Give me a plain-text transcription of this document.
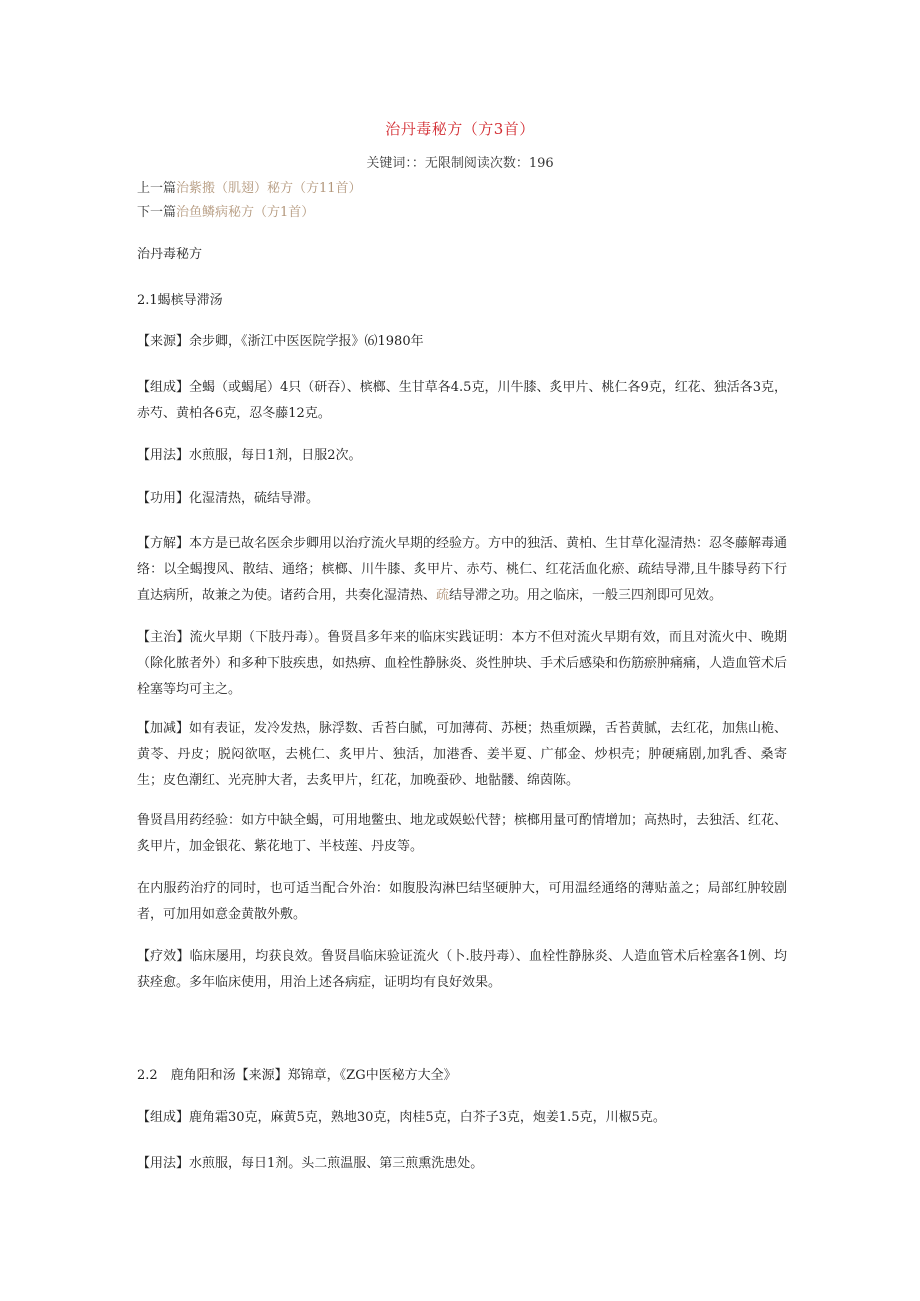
治丹毒秘方（方3首）
关键词：：无限制阅读次数：196
上一篇治紫搬（肌翅）秘方（方11首）
下一篇治鱼鳞病秘方（方1首）

治丹毒秘方

2.1蝎槟导滞汤

【来源】余步卿，《浙江中医医院学报》⑹1980年

【组成】全蝎（或蝎尾）4只（研吞）、槟榔、生甘草各4.5克，川牛膝、炙甲片、桃仁各9克，红花、独活各3克，赤芍、黄柏各6克，忍冬藤12克。

【用法】水煎服，每日1剂，日服2次。

【功用】化湿清热，硫结导滞。

【方解】本方是已故名医余步卿用以治疗流火早期的经验方。方中的独活、黄柏、生甘草化湿清热：忍冬藤解毒通络：以全蝎搜风、散结、通络；槟榔、川牛膝、炙甲片、赤芍、桃仁、红花活血化瘀、疏结导滞,且牛膝导药下行直达病所，故兼之为使。诸药合用，共奏化湿清热、疏结导滞之功。用之临床，一般三四剂即可见效。

【主治】流火早期（下肢丹毒）。鲁贤昌多年来的临床实践证明：本方不但对流火早期有效，而且对流火中、晚期（除化脓者外）和多种下肢疾患，如热痹、血栓性静脉炎、炎性肿块、手术后感染和伤筋瘀肿痛痛，人造血管术后栓塞等均可主之。

【加减】如有表证，发冷发热，脉浮数、舌苔白腻，可加薄荷、苏梗；热重烦躁，舌苔黄腻，去红花，加焦山桅、黄苓、丹皮；脱闷欲呕，去桃仁、炙甲片、独活，加港香、姜半夏、广郁金、炒枳壳；肿硬痛剧,加乳香、桑寄生；皮色潮红、光亮肿大者，去炙甲片，红花，加晚蚕砂、地骷髅、绵茵陈。

鲁贤昌用药经验：如方中缺全蝎，可用地鳖虫、地龙或娱蚣代替；槟榔用量可酌情增加；高热时，去独活、红花、炙甲片，加金银花、紫花地丁、半枝莲、丹皮等。

在内服药治疗的同时，也可适当配合外治：如腹股沟淋巴结坚硬肿大，可用温经通络的薄贴盖之；局部红肿较剧者，可加用如意金黄散外敷。

【疗效】临床屡用，均获良效。鲁贤昌临床验证流火（卜.肢丹毒）、血栓性静脉炎、人造血管术后栓塞各1例、均获痊愈。多年临床使用，用治上述各病症，证明均有良好效果。

2.2　鹿角阳和汤【来源】郑锦章，《ZG中医秘方大全》

【组成】鹿角霜30克，麻黄5克，熟地30克，肉桂5克，白芥子3克，炮姜1.5克，川椒5克。

【用法】水煎服，每日1剂。头二煎温服、第三煎熏洗患处。
